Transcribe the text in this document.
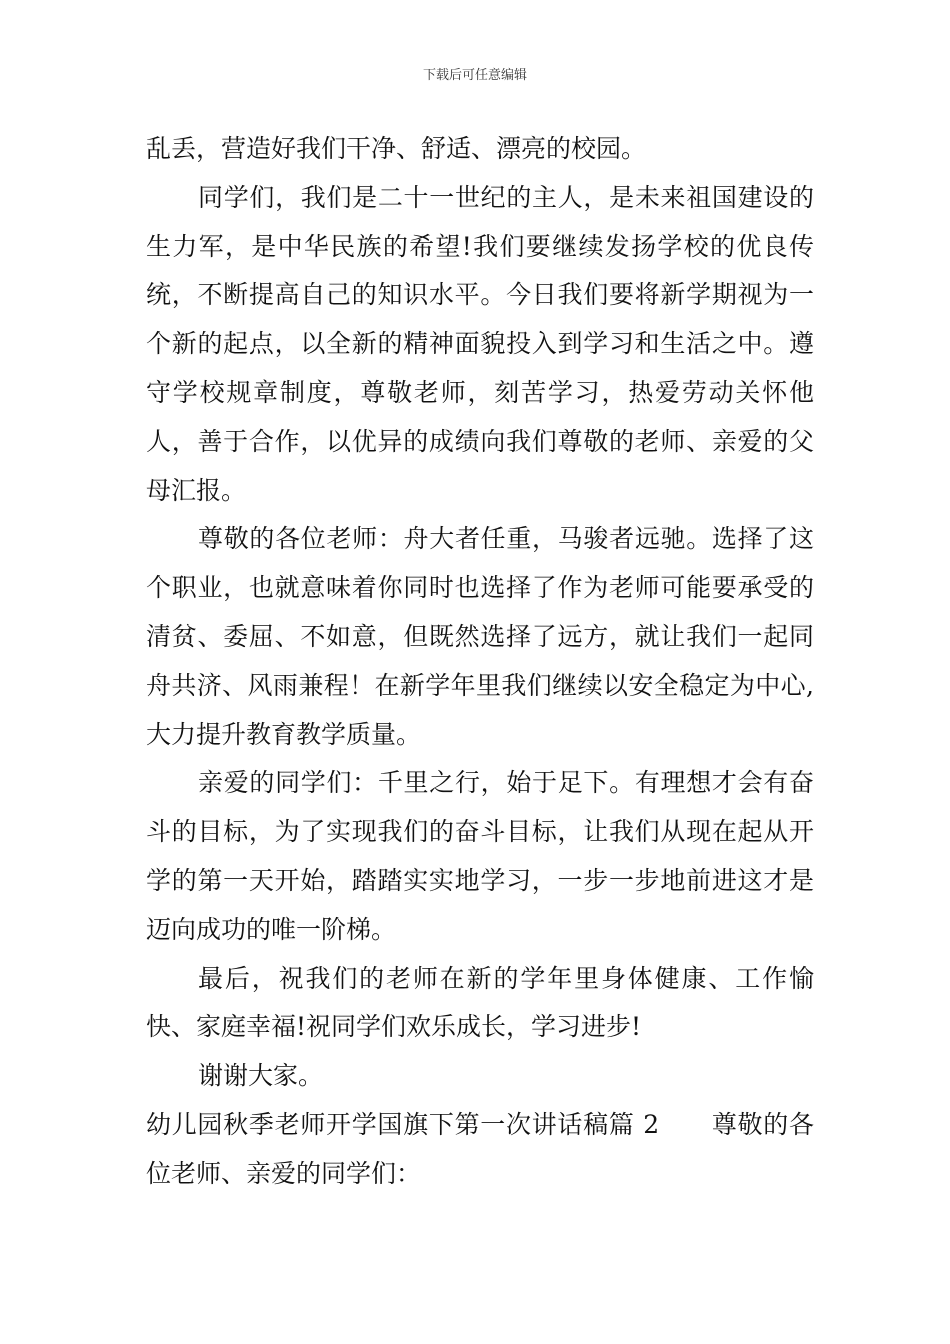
下载后可任意编辑

乱丢，营造好我们干净、舒适、漂亮的校园。

同学们，我们是二十一世纪的主人，是未来祖国建设的生力军，是中华民族的希望!我们要继续发扬学校的优良传统，不断提高自己的知识水平。今日我们要将新学期视为一个新的起点，以全新的精神面貌投入到学习和生活之中。遵守学校规章制度，尊敬老师，刻苦学习，热爱劳动关怀他人，善于合作，以优异的成绩向我们尊敬的老师、亲爱的父母汇报。

尊敬的各位老师：舟大者任重，马骏者远驰。选择了这个职业，也就意味着你同时也选择了作为老师可能要承受的清贫、委屈、不如意，但既然选择了远方，就让我们一起同舟共济、风雨兼程！在新学年里我们继续以安全稳定为中心,大力提升教育教学质量。

亲爱的同学们：千里之行，始于足下。有理想才会有奋斗的目标，为了实现我们的奋斗目标，让我们从现在起从开学的第一天开始，踏踏实实地学习，一步一步地前进这才是迈向成功的唯一阶梯。

最后，祝我们的老师在新的学年里身体健康、工作愉快、家庭幸福!祝同学们欢乐成长，学习进步!

谢谢大家。

幼儿园秋季老师开学国旗下第一次讲话稿篇 2 尊敬的各位老师、亲爱的同学们：
